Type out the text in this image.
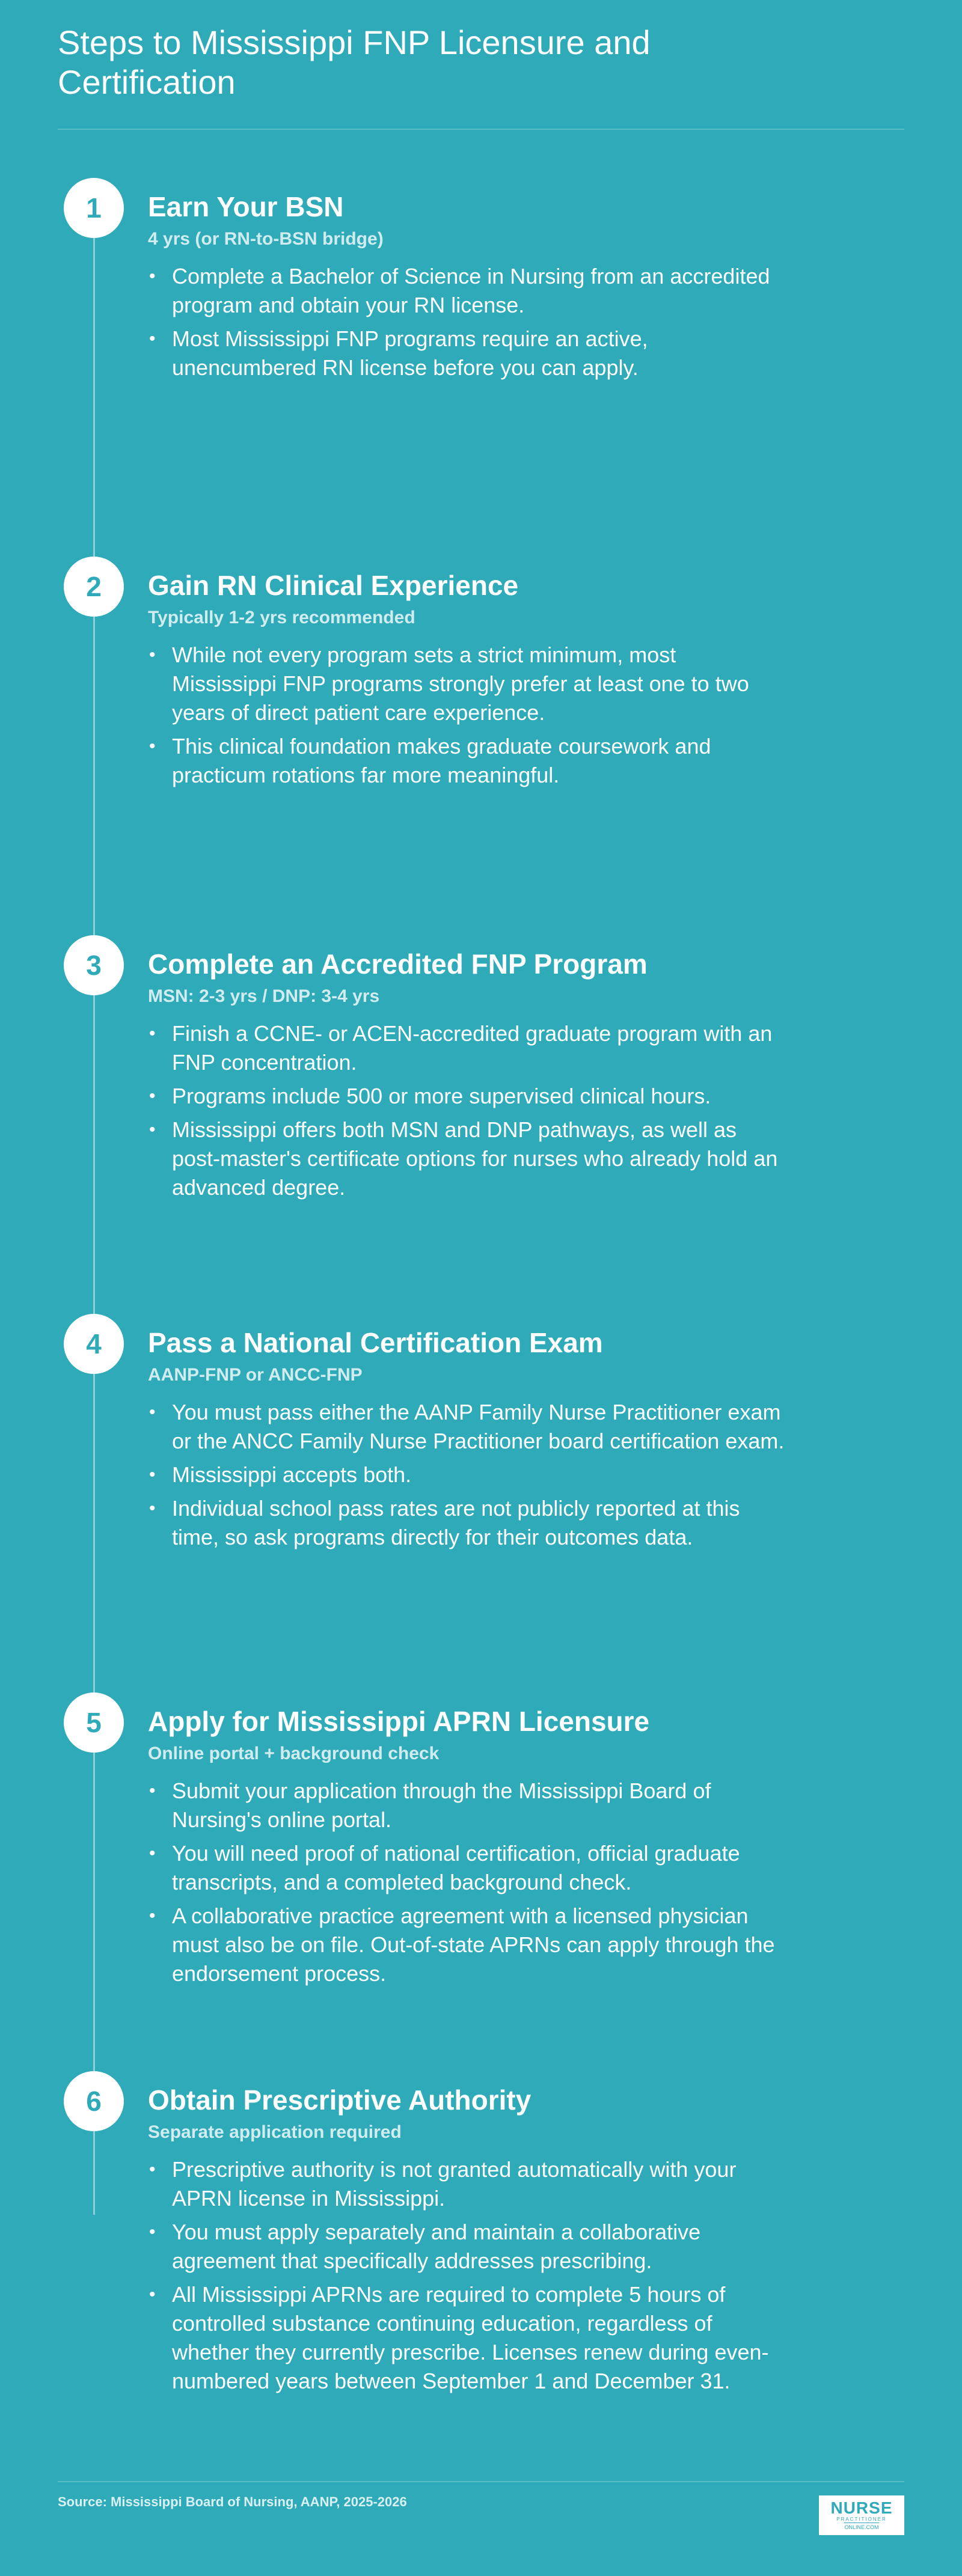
Steps to Mississippi FNP Licensure and Certification
1	Earn Your BSN
4 yrs (or RN-to-BSN bridge)
• Complete a Bachelor of Science in Nursing from an accredited program and obtain your RN license.
• Most Mississippi FNP programs require an active, unencumbered RN license before you can apply.
2	Gain RN Clinical Experience
Typically 1-2 yrs recommended
• While not every program sets a strict minimum, most Mississippi FNP programs strongly prefer at least one to two years of direct patient care experience.
• This clinical foundation makes graduate coursework and practicum rotations far more meaningful.
3	Complete an Accredited FNP Program
MSN: 2-3 yrs / DNP: 3-4 yrs
• Finish a CCNE- or ACEN-accredited graduate program with an FNP concentration.
• Programs include 500 or more supervised clinical hours.
• Mississippi offers both MSN and DNP pathways, as well as post-master's certificate options for nurses who already hold an advanced degree.
4	Pass a National Certification Exam
AANP-FNP or ANCC-FNP
• You must pass either the AANP Family Nurse Practitioner exam or the ANCC Family Nurse Practitioner board certification exam.
• Mississippi accepts both.
• Individual school pass rates are not publicly reported at this time, so ask programs directly for their outcomes data.
5	Apply for Mississippi APRN Licensure
Online portal + background check
• Submit your application through the Mississippi Board of Nursing's online portal.
• You will need proof of national certification, official graduate transcripts, and a completed background check.
• A collaborative practice agreement with a licensed physician must also be on file. Out-of-state APRNs can apply through the endorsement process.
6	Obtain Prescriptive Authority
Separate application required
• Prescriptive authority is not granted automatically with your APRN license in Mississippi.
• You must apply separately and maintain a collaborative agreement that specifically addresses prescribing.
• All Mississippi APRNs are required to complete 5 hours of controlled substance continuing education, regardless of whether they currently prescribe. Licenses renew during even-numbered years between September 1 and December 31.
Source: Mississippi Board of Nursing, AANP, 2025-2026	NURSE
PRACTITIONER
ONLINE.COM
